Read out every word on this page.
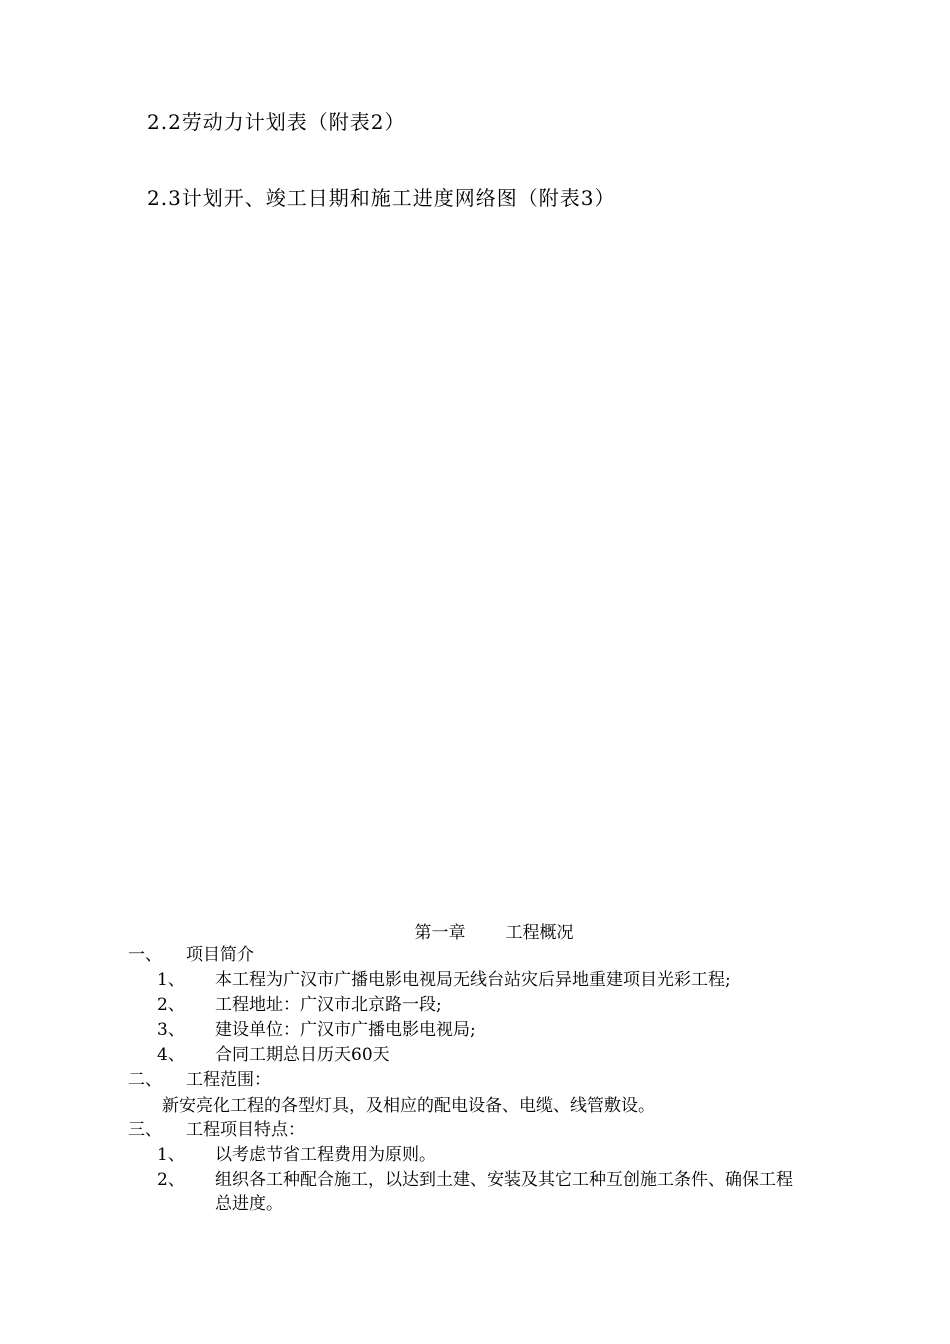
2.2劳动力计划表（附表2）
2.3计划开、竣工日期和施工进度网络图（附表3）
第一章 工程概况
一、 项目简介
1、 本工程为广汉市广播电影电视局无线台站灾后异地重建项目光彩工程;
2、 工程地址：广汉市北京路一段;
3、 建设单位：广汉市广播电影电视局;
4、 合同工期总日历天60天
二、 工程范围：
新安亮化工程的各型灯具，及相应的配电设备、电缆、线管敷设。
三、 工程项目特点：
1、 以考虑节省工程费用为原则。
2、 组织各工种配合施工，以达到土建、安装及其它工种互创施工条件、确保工程
总进度。
